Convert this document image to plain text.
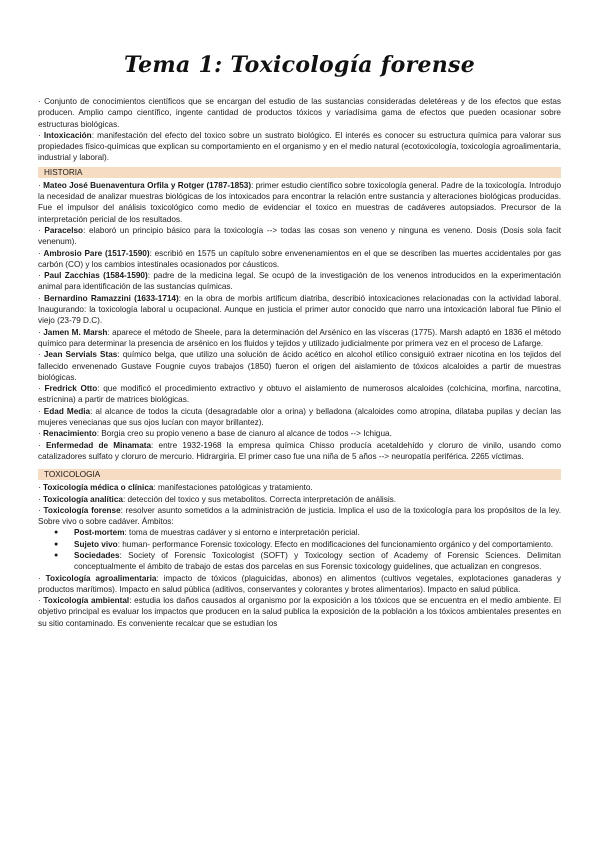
Tema 1: Toxicología forense

· Conjunto de conocimientos científicos que se encargan del estudio de las sustancias consideradas deletéreas y de los efectos que estas producen. Amplio campo científico, ingente cantidad de productos tóxicos y variadísima gama de efectos que pueden ocasionar sobre estructuras biológicas.

· Intoxicación: manifestación del efecto del toxico sobre un sustrato biológico. El interés es conocer su estructura química para valorar sus propiedades físico-químicas que explican su comportamiento en el organismo y en el medio natural (ecotoxicología, toxicología agroalimentaria, industrial y laboral).

HISTORIA

· Mateo José Buenaventura Orfila y Rotger (1787-1853): primer estudio científico sobre toxicología general. Padre de la toxicología. Introdujo la necesidad de analizar muestras biológicas de los intoxicados para encontrar la relación entre sustancia y alteraciones biológicas producidas. Fue el impulsor del análisis toxicológico como medio de evidenciar el toxico en muestras de cadáveres autopsiados. Precursor de la interpretación pericial de los resultados.

· Paracelso: elaboró un principio básico para la toxicología --> todas las cosas son veneno y ninguna es veneno. Dosis (Dosis sola facit venenum).

· Ambrosio Pare (1517-1590): escribió en 1575 un capítulo sobre envenenamientos en el que se describen las muertes accidentales por gas carbón (CO) y los cambios intestinales ocasionados por cáusticos.

· Paul Zacchias (1584-1590): padre de la medicina legal. Se ocupó de la investigación de los venenos introducidos en la experimentación animal para identificación de las sustancias químicas.

· Bernardino Ramazzini (1633-1714): en la obra de morbis artificum diatriba, describió intoxicaciones relacionadas con la actividad laboral. Inaugurando: la toxicología laboral u ocupacional. Aunque en justicia el primer autor conocido que narro una intoxicación laboral fue Plinio el viejo (23-79 D.C).

· Jamen M. Marsh: aparece el método de Sheele, para la determinación del Arsénico en las vísceras (1775). Marsh adaptó en 1836 el método químico para determinar la presencia de arsénico en los fluidos y tejidos y utilizado judicialmente por primera vez en el proceso de Lafarge.

· Jean Servials Stas: químico belga, que utilizo una solución de ácido acético en alcohol etílico consiguió extraer nicotina en los tejidos del fallecido envenenado Gustave Fougnie cuyos trabajos (1850) fueron el origen del aislamiento de tóxicos alcaloides a partir de muestras biológicas.

· Fredrick Otto: que modificó el procedimiento extractivo y obtuvo el aislamiento de numerosos alcaloides (colchicina, morfina, narcotina, estricnina) a partir de matrices biológicas.

· Edad Media: al alcance de todos la cicuta (desagradable olor a orina) y belladona (alcaloides como atropina, dilataba pupilas y decían las mujeres venecianas que sus ojos lucían con mayor brillantez).

· Renacimiento: Borgia creo su propio veneno a base de cianuro al alcance de todos --> Ichigua.

· Enfermedad de Minamata: entre 1932-1968 la empresa química Chisso producía acetaldehído y cloruro de vinilo, usando como catalizadores sulfato y cloruro de mercurio. Hidrargiria. El primer caso fue una niña de 5 años --> neuropatía periférica. 2265 víctimas.

TOXICOLOGIA

· Toxicología médica o clínica: manifestaciones patológicas y tratamiento.

· Toxicología analítica: detección del toxico y sus metabolitos. Correcta interpretación de análisis.

· Toxicología forense: resolver asunto sometidos a la administración de justicia. Implica el uso de la toxicología para los propósitos de la ley. Sobre vivo o sobre cadáver. Ámbitos:

● Post-mortem: toma de muestras cadáver y si entorno e interpretación pericial.
● Sujeto vivo: human- performance Forensic toxicology. Efecto en modificaciones del funcionamiento orgánico y del comportamiento.
● Sociedades: Society of Forensic Toxicologist (SOFT) y Toxicology section of Academy of Forensic Sciences. Delimitan conceptualmente el ámbito de trabajo de estas dos parcelas en sus Forensic toxicology guidelines, que actualizan en congresos.

· Toxicología agroalimentaria: impacto de tóxicos (plaguicidas, abonos) en alimentos (cultivos vegetales, explotaciones ganaderas y productos marítimos). Impacto en salud pública (aditivos, conservantes y colorantes y brotes alimentarios). Impacto en salud pública.

· Toxicología ambiental: estudia los daños causados al organismo por la exposición a los tóxicos que se encuentra en el medio ambiente. El objetivo principal es evaluar los impactos que producen en la salud publica la exposición de la población a los tóxicos ambientales presentes en su sitio contaminado. Es conveniente recalcar que se estudian los
